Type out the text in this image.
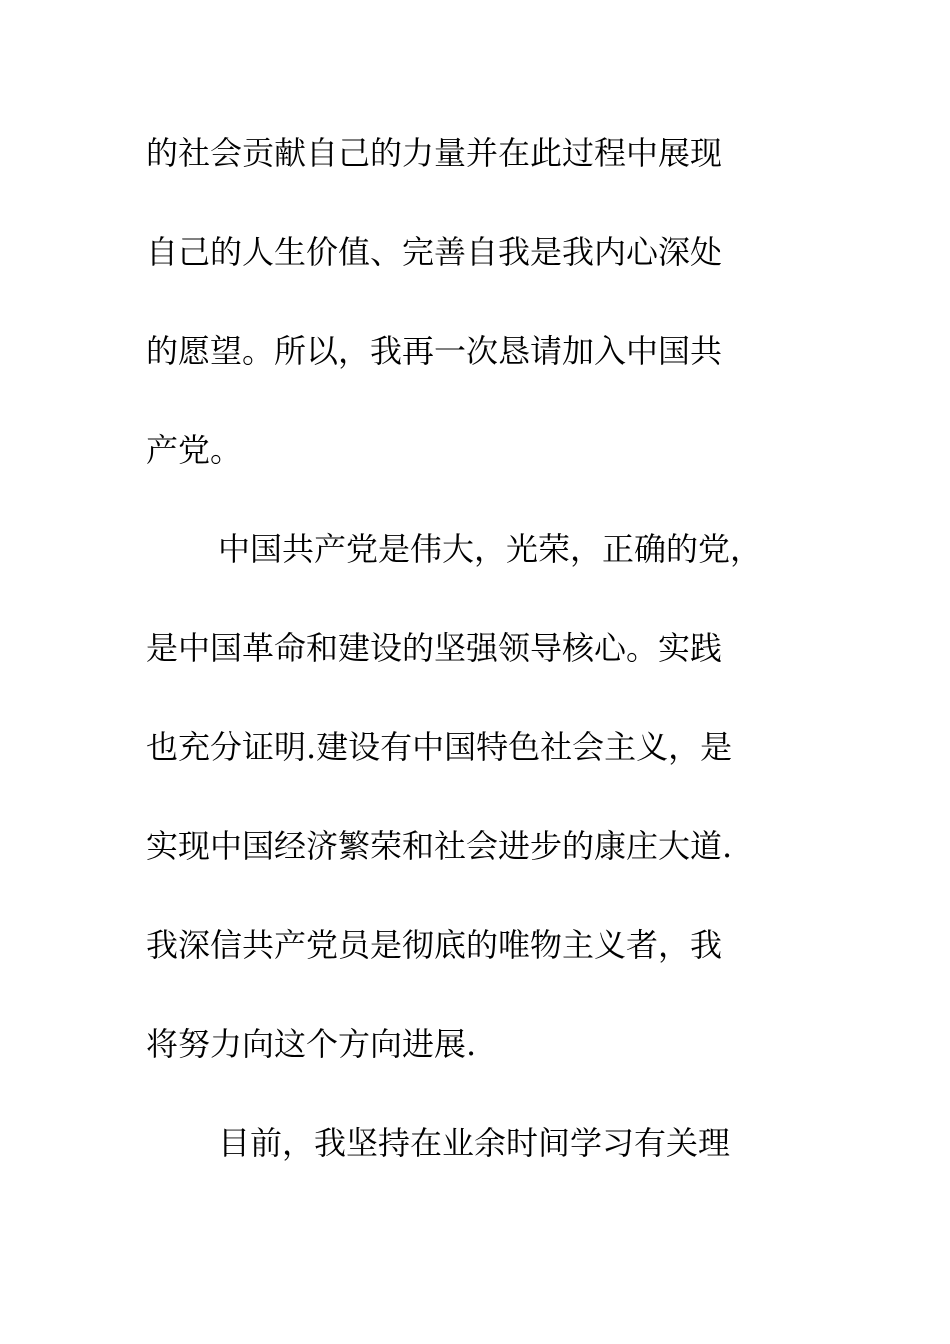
的社会贡献自己的力量并在此过程中展现
自己的人生价值、完善自我是我内心深处
的愿望。所以，我再一次恳请加入中国共
产党。
中国共产党是伟大，光荣，正确的党，
是中国革命和建设的坚强领导核心。实践
也充分证明.建设有中国特色社会主义，是
实现中国经济繁荣和社会进步的康庄大道.
我深信共产党员是彻底的唯物主义者，我
将努力向这个方向进展.
目前，我坚持在业余时间学习有关理
